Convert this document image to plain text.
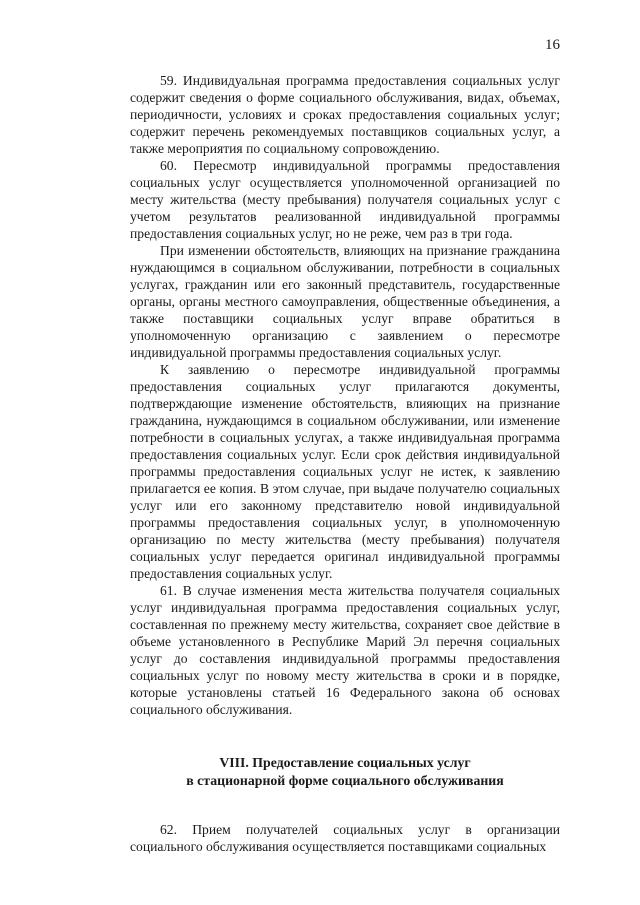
16

59. Индивидуальная программа предоставления социальных услуг содержит сведения о форме социального обслуживания, видах, объемах, периодичности, условиях и сроках предоставления социальных услуг; содержит перечень рекомендуемых поставщиков социальных услуг, а также мероприятия по социальному сопровождению.

60. Пересмотр индивидуальной программы предоставления социальных услуг осуществляется уполномоченной организацией по месту жительства (месту пребывания) получателя социальных услуг с учетом результатов реализованной индивидуальной программы предоставления социальных услуг, но не реже, чем раз в три года.

При изменении обстоятельств, влияющих на признание гражданина нуждающимся в социальном обслуживании, потребности в социальных услугах, гражданин или его законный представитель, государственные органы, органы местного самоуправления, общественные объединения, а также поставщики социальных услуг вправе обратиться в уполномоченную организацию с заявлением о пересмотре индивидуальной программы предоставления социальных услуг.

К заявлению о пересмотре индивидуальной программы предоставления социальных услуг прилагаются документы, подтверждающие изменение обстоятельств, влияющих на признание гражданина, нуждающимся в социальном обслуживании, или изменение потребности в социальных услугах, а также индивидуальная программа предоставления социальных услуг. Если срок действия индивидуальной программы предоставления социальных услуг не истек, к заявлению прилагается ее копия. В этом случае, при выдаче получателю социальных услуг или его законному представителю новой индивидуальной программы предоставления социальных услуг, в уполномоченную организацию по месту жительства (месту пребывания) получателя социальных услуг передается оригинал индивидуальной программы предоставления социальных услуг.

61. В случае изменения места жительства получателя социальных услуг индивидуальная программа предоставления социальных услуг, составленная по прежнему месту жительства, сохраняет свое действие в объеме установленного в Республике Марий Эл перечня социальных услуг до составления индивидуальной программы предоставления социальных услуг по новому месту жительства в сроки и в порядке, которые установлены статьей 16 Федерального закона об основах социального обслуживания.

VIII. Предоставление социальных услуг
в стационарной форме социального обслуживания

62. Прием получателей социальных услуг в организации социального обслуживания осуществляется поставщиками социальных
